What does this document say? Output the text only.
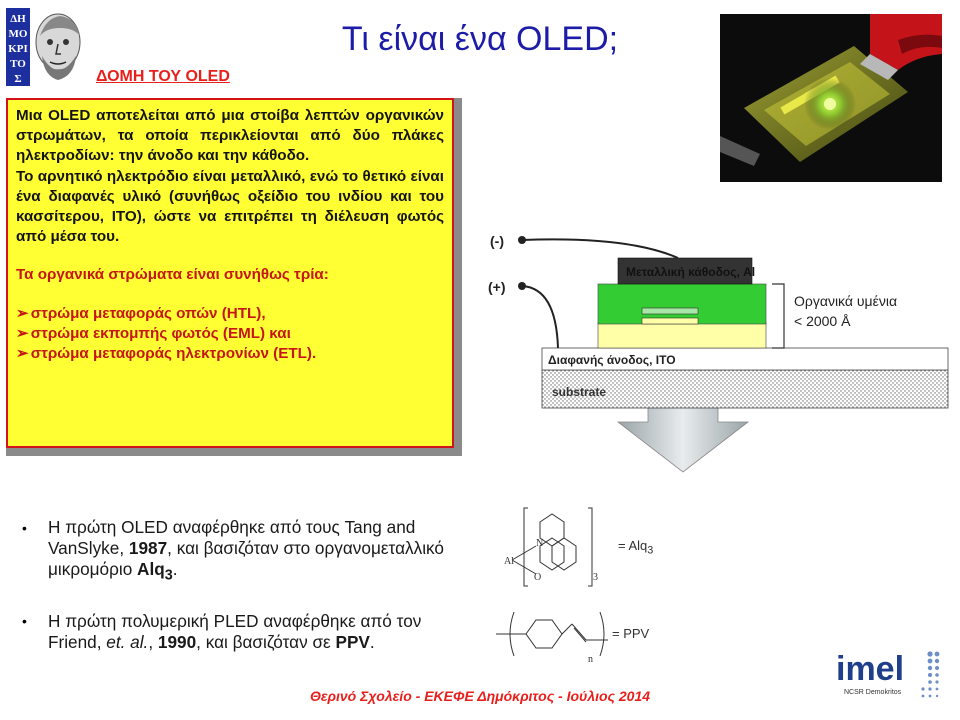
ΔΗ
ΜΟ
ΚΡΙ
ΤΟ
Σ
Τι είναι ένα OLED;
ΔΟΜΗ ΤΟΥ OLED

Μια OLED αποτελείται από μια στοίβα λεπτών οργανικών στρωμάτων, τα οποία περικλείονται από δύο πλάκες ηλεκτροδίων: την άνοδο και την κάθοδο.

Το αρνητικό ηλεκτρόδιο είναι μεταλλικό, ενώ το θετικό είναι ένα διαφανές υλικό (συνήθως οξείδιο του ινδίου και του κασσίτερου, ITO), ώστε να επιτρέπει τη διέλευση φωτός από μέσα του.

Τα οργανικά στρώματα είναι συνήθως τρία:

➢ στρώμα μεταφοράς οπών (HTL),

➢ στρώμα εκπομπής φωτός (EML) και

➢ στρώμα μεταφοράς ηλεκτρονίων (ETL).

substrate
Διαφανής άνοδος, ITO
Μεταλλική κάθοδος, Al
Οργανικά υμένια
< 2000 Å
(-)
(+)
• Η πρώτη OLED αναφέρθηκε από τους Tang and VanSlyke, 1987, και βασιζόταν στο οργανομεταλλικό μικρομόριο Alq$_3$.
• Η πρώτη πολυμερική PLED αναφέρθηκε από τον Friend, et. al., 1990, και βασιζόταν σε PPV.
Al
N
O	3
= Alq$_3$
n
= PPV
imel
NCSR Demokritos
Θερινό Σχολείο - ΕΚΕΦΕ Δημόκριτος - Ιούλιος 2014
